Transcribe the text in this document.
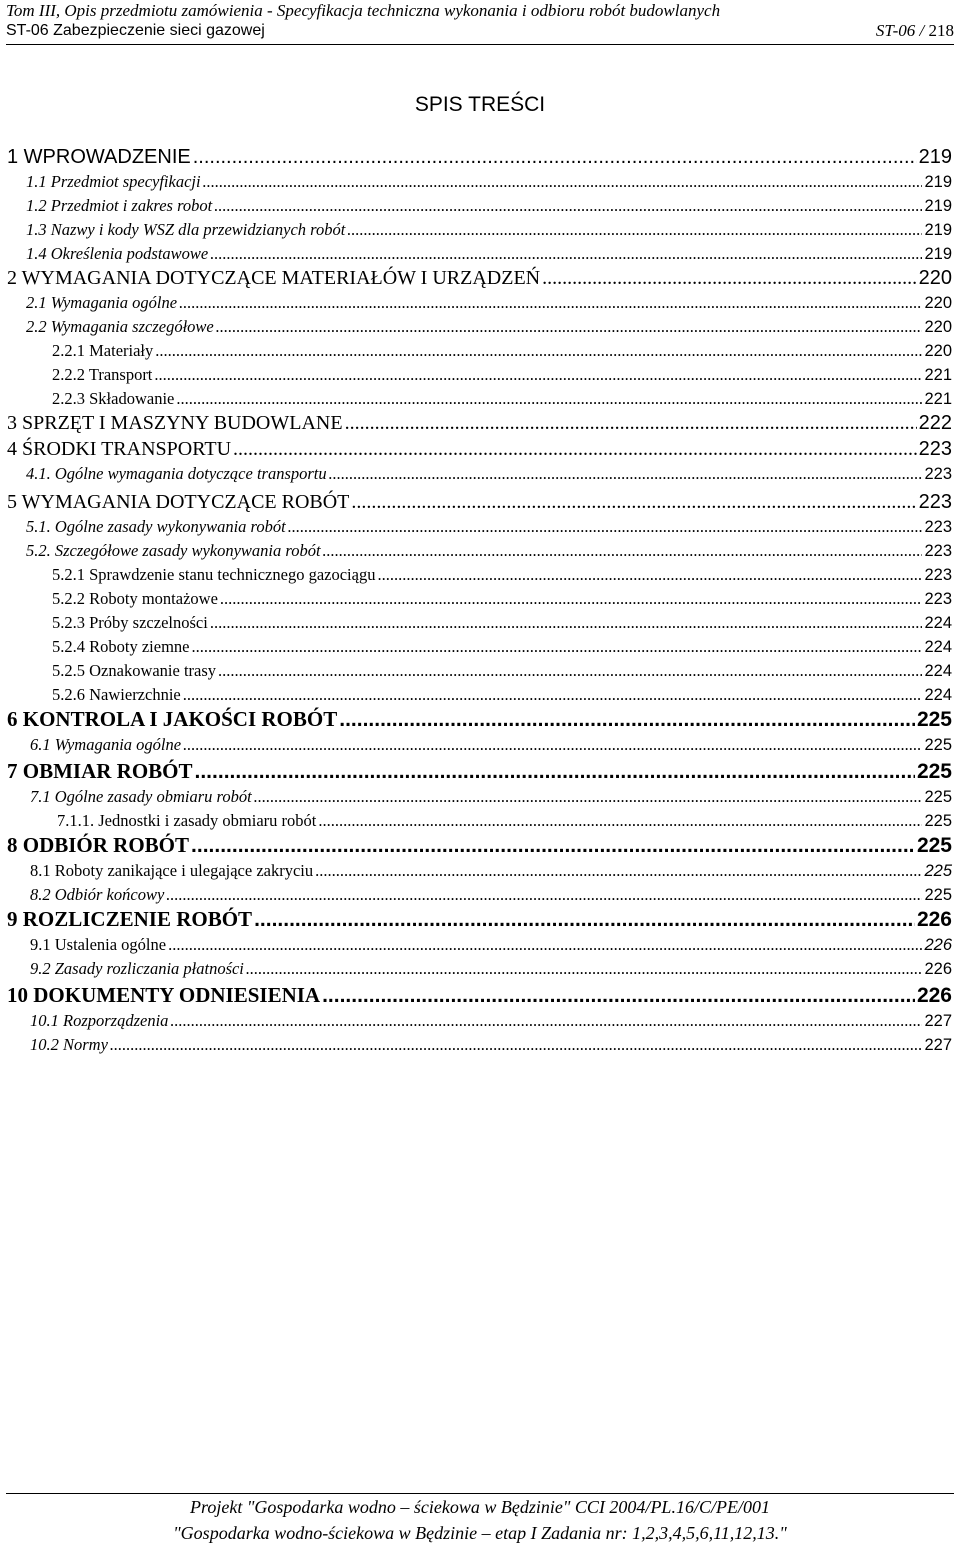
Tom III, Opis przedmiotu zamówienia - Specyfikacja techniczna wykonania i odbioru robót budowlanych
ST-06 Zabezpieczenie sieci gazowej	ST-06 / 218
SPIS TREŚCI
1 WPROWADZENIE .....	219
1.1 Przedmiot specyfikacji .....	219
1.2 Przedmiot i zakres robot .....	219
1.3 Nazwy i kody WSZ dla przewidzianych robót .....	219
1.4 Określenia podstawowe .....	219
2 WYMAGANIA DOTYCZĄCE MATERIAŁÓW I URZĄDZEŃ .....	220
2.1 Wymagania ogólne .....	220
2.2 Wymagania szczegółowe .....	220
2.2.1 Materiały .....	220
2.2.2 Transport .....	221
2.2.3 Składowanie .....	221
3 SPRZĘT I MASZYNY BUDOWLANE .....	222
4 ŚRODKI TRANSPORTU .....	223
4.1. Ogólne wymagania dotyczące transportu .....	223
5 WYMAGANIA DOTYCZĄCE ROBÓT .....	223
5.1. Ogólne zasady wykonywania robót .....	223
5.2. Szczegółowe zasady wykonywania robót .....	223
5.2.1 Sprawdzenie stanu technicznego gazociągu .....	223
5.2.2 Roboty montażowe .....	223
5.2.3 Próby szczelności .....	224
5.2.4 Roboty ziemne .....	224
5.2.5 Oznakowanie trasy .....	224
5.2.6 Nawierzchnie .....	224
6 KONTROLA I JAKOŚCI ROBÓT .....	225
6.1 Wymagania ogólne .....	225
7 OBMIAR ROBÓT .....	225
7.1 Ogólne zasady obmiaru robót .....	225
7.1.1. Jednostki i zasady obmiaru robót .....	225
8 ODBIÓR ROBÓT .....	225
8.1 Roboty zanikające i ulegające zakryciu .....	225
8.2 Odbiór końcowy .....	225
9 ROZLICZENIE ROBÓT .....	226
9.1 Ustalenia ogólne .....	226
9.2 Zasady rozliczania płatności .....	226
10 DOKUMENTY ODNIESIENIA .....	226
10.1 Rozporządzenia .....	227
10.2 Normy .....	227
Projekt "Gospodarka wodno – ściekowa w Będzinie" CCI 2004/PL.16/C/PE/001
"Gospodarka wodno-ściekowa w Będzinie – etap I Zadania nr: 1,2,3,4,5,6,11,12,13."
